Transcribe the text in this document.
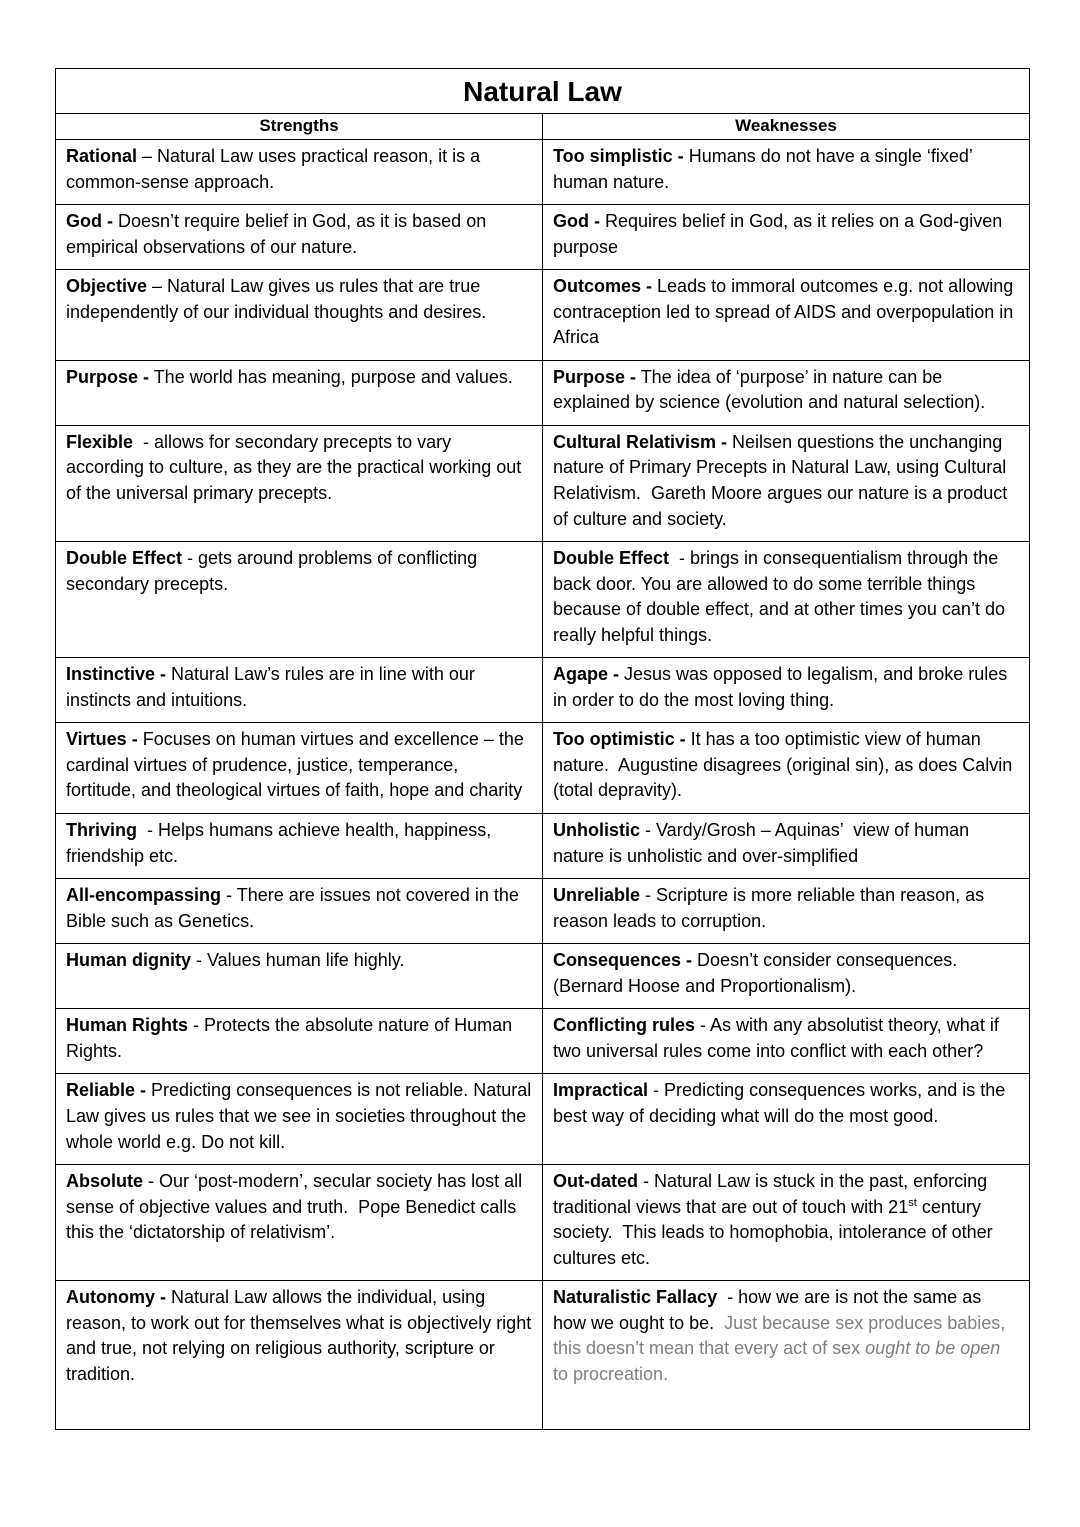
Natural Law	
Strengths	Weaknesses
Rational – Natural Law uses practical reason, it is a common-sense approach.	Too simplistic - Humans do not have a single ‘fixed’ human nature.
God - Doesn’t require belief in God, as it is based on empirical observations of our nature.	God - Requires belief in God, as it relies on a God-given purpose
Objective – Natural Law gives us rules that are true independently of our individual thoughts and desires.	Outcomes - Leads to immoral outcomes e.g. not allowing  contraception led to spread of AIDS and overpopulation in Africa
Purpose - The world has meaning, purpose and values.	Purpose - The idea of ‘purpose’ in nature can be explained by science (evolution and natural selection).
Flexible  - allows for secondary precepts to vary according to culture, as they are the practical working out of the universal primary precepts.	Cultural Relativism - Neilsen questions the unchanging nature of Primary Precepts in Natural Law, using Cultural Relativism.  Gareth Moore argues our nature is a product of culture and society.
Double Effect - gets around problems of conflicting secondary precepts.	Double Effect  - brings in consequentialism through the back door. You are allowed to do some terrible things because of double effect, and at other times you can’t do really helpful things.
Instinctive - Natural Law’s rules are in line with our instincts and intuitions.	Agape - Jesus was opposed to legalism, and broke rules in order to do the most loving thing.
Virtues - Focuses on human virtues and excellence – the cardinal virtues of prudence, justice, temperance, fortitude, and theological virtues of faith, hope and charity	Too optimistic - It has a too optimistic view of human nature.  Augustine disagrees (original sin), as does Calvin (total depravity).
Thriving  - Helps humans achieve health, happiness, friendship etc.	Unholistic - Vardy/Grosh – Aquinas’  view of human nature is unholistic and over-simplified
All-encompassing - There are issues not covered in the Bible such as Genetics.	Unreliable - Scripture is more reliable than reason, as reason leads to corruption.
Human dignity - Values human life highly.	Consequences - Doesn’t consider consequences. (Bernard Hoose and Proportionalism).
Human Rights - Protects the absolute nature of Human Rights.	Conflicting rules - As with any absolutist theory, what if two universal rules come into conflict with each other?
Reliable - Predicting consequences is not reliable. Natural Law gives us rules that we see in societies throughout the whole world e.g. Do not kill.	Impractical - Predicting consequences works, and is the best way of deciding what will do the most good.
Absolute - Our ‘post-modern’, secular society has lost all sense of objective values and truth.  Pope Benedict calls this the ‘dictatorship of relativism’.	Out-dated - Natural Law is stuck in the past, enforcing traditional views that are out of touch with 21st century society.  This leads to homophobia, intolerance of other cultures etc.
Autonomy - Natural Law allows the individual, using reason, to work out for themselves what is objectively right and true, not relying on religious authority, scripture or tradition.	Naturalistic Fallacy  - how we are is not the same as how we ought to be.  Just because sex produces babies, this doesn’t mean that every act of sex ought to be open to procreation.
